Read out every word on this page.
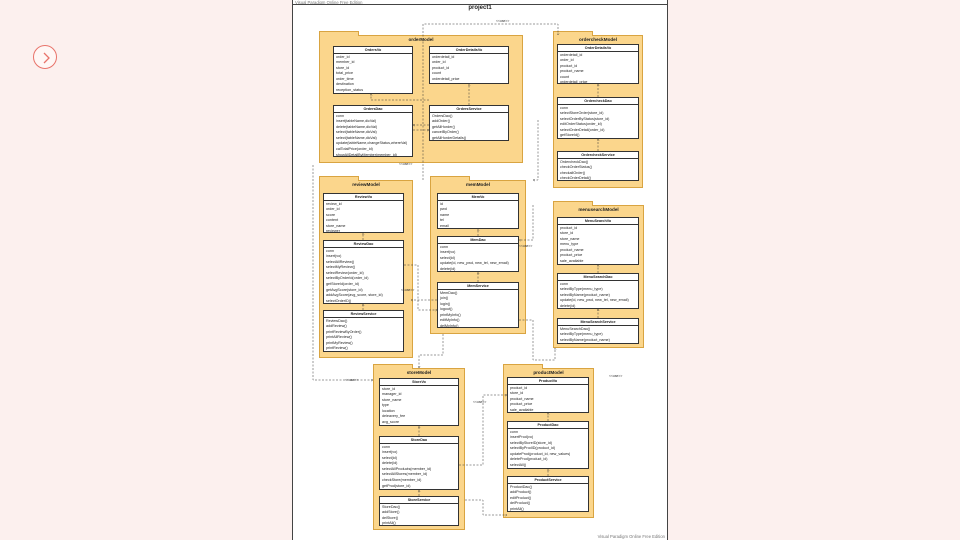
Visual Paradigm Online Free Edition
project1
orderModel	ordercheckModel
reviewModel	memModel
menusearchModel
storeModel	productModel
OrdersVo
order_id
member_id
store_id
total_price
order_time
destination
reception_status
OrderDetailsVo
orderdetail_id
order_id
product_id
count
orderdetail_price
OrdersDao
conn
insert(tableName,dicVal)
delete(tableName,dicVal)
select(tableName,dicVal)
select(tableName,dicVal)
update(tableName,changeStatus,whereVal)
calTotalPrice(order_id)
showAllDetailByMember(member_id)
OrdersService
OrdersDao()
addOrder()
getAllHorder()
cancelByOrder()
getAllHorderDetails()
OrderDetailsVo
orderdetail_id
order_id
product_id
product_name
count
orderdetail_price
OrdercheckDao
conn
selectStoreOrder(store_id)
selectOrderByStatus(store_id)
editOrderStatus(order_id)
selectOrderDetail(order_id)
getStoreId()
OrdercheckService
OrdercheckDao()
checkOrderStatus()
checkallOrder()
checkOrderDetail()
ReviewVo
review_id
order_id
score
content
store_name
reviewer
ReviewDao
conn
insert(vo)
selectAllReview()
selectMyReview()
selectReview(order_id)
selectByOrderId(order_id)
getStoreId(order_id)
getAvgScore(store_id)
addAvgScore(avg_score, store_id)
selectOrderID()
ReviewService
ReviewDao()
addReview()
printReviewByOrder()
printAllReview()
printMyReview()
printReview()
MemVo
id
pwd
name
tel
email
MemDao
conn
insert(vo)
select(id)
update(id, new_pwd, new_tel, new_email)
delete(id)
MemService
MemDao()
join()
login()
logout()
printMyInfo()
editMyInfo()
delMyInfo()
MenuSearchVo
product_id
store_id
store_name
menu_type
product_name
product_price
sale_available
MenuSearchDao
conn
selectByType(menu_type)
selectByName(product_name)
update(id, new_pwd, new_tel, new_email)
delete(id)
MenuSearchService
MenuSearchDao()
selectByType(menu_type)
selectByName(product_name)
StoreVo
store_id
manager_id
store_name
type
location
deleavery_fee
avg_score
StoreDao
conn
insert(vo)
select(id)
delete(id)
selectAllProducts(member_id)
selectAllStores(member_id)
checkStore(member_id)
getProd(store_id)
StoreService
StoreDao()
addStore()
delStore()
printAll()
ProductVo
product_id
store_id
product_name
product_price
sale_available
ProductDao
conn
insertProd(vo)
selectByStoreID(store_id)
selectByProdID(product_id)
updateProd(product_id, new_values)
deleteProd(product_id)
selectAll()
ProductService
ProductDao()
addProduct()
editProduct()
delProduct()
printAll()
<<use>>
<<use>>
<<use>>
<<use>>
<<use>>
<<use>>
<<use>>
Visual Paradigm Online Free Edition
